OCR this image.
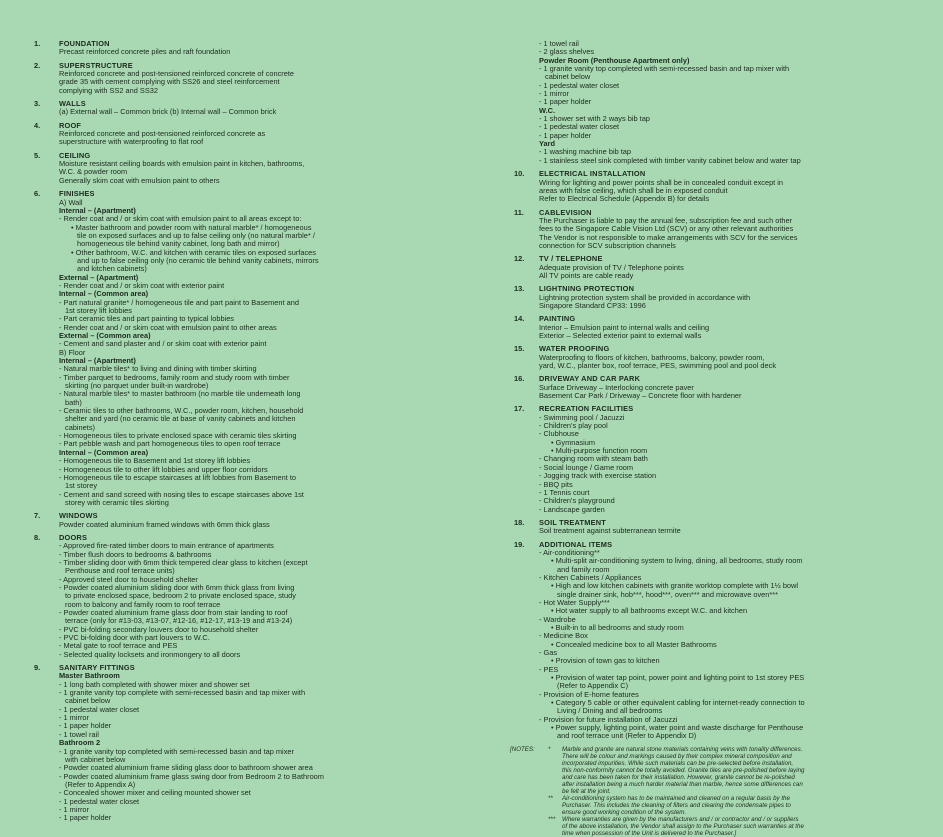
1.	FOUNDATION
Precast reinforced concrete piles and raft foundation
2.	SUPERSTRUCTURE
Reinforced concrete and post-tensioned reinforced concrete of concrete
grade 35 with cement complying with SS26 and steel reinforcement
complying with SS2 and SS32
3.	WALLS
(a) External wall – Common brick (b) Internal wall – Common brick
4.	ROOF
Reinforced concrete and post-tensioned reinforced concrete as
superstructure with waterproofing to flat roof
5.	CEILING
Moisture resistant ceiling boards with emulsion paint in kitchen, bathrooms,
W.C. & powder room
Generally skim coat with emulsion paint to others
6.	FINISHES
A) Wall
Internal – (Apartment)
- Render coat and / or skim coat with emulsion paint to all areas except to:
• Master bathroom and powder room with natural marble* / homogeneous
tile on exposed surfaces and up to false ceiling only (no natural marble* /
homogeneous tile behind vanity cabinet, long bath and mirror)
• Other bathroom, W.C. and kitchen with ceramic tiles on exposed surfaces
and up to false ceiling only (no ceramic tile behind vanity cabinets, mirrors
and kitchen cabinets)
External – (Apartment)
- Render coat and / or skim coat with exterior paint
Internal – (Common area)
- Part natural granite* / homogeneous tile and part paint to Basement and
1st storey lift lobbies
- Part ceramic tiles and part painting to typical lobbies
- Render coat and / or skim coat with emulsion paint to other areas
External – (Common area)
- Cement and sand plaster and / or skim coat with exterior paint
B) Floor
Internal – (Apartment)
- Natural marble tiles* to living and dining with timber skirting
- Timber parquet to bedrooms, family room and study room with timber
skirting (no parquet under built-in wardrobe)
- Natural marble tiles* to master bathroom (no marble tile underneath long
bath)
- Ceramic tiles to other bathrooms, W.C., powder room, kitchen, household
shelter and yard (no ceramic tile at base of vanity cabinets and kitchen
cabinets)
- Homogeneous tiles to private enclosed space with ceramic tiles skirting
- Part pebble wash and part homogeneous tiles to open roof terrace
Internal – (Common area)
- Homogeneous tile to Basement and 1st storey lift lobbies
- Homogeneous tile to other lift lobbies and upper floor corridors
- Homogeneous tile to escape staircases at lift lobbies from Basement to
1st storey
- Cement and sand screed with nosing tiles to escape staircases above 1st
storey with ceramic tiles skirting
7.	WINDOWS
Powder coated aluminium framed windows with 6mm thick glass
8.	DOORS
- Approved fire-rated timber doors to main entrance of apartments
- Timber flush doors to bedrooms & bathrooms
- Timber sliding door with 6mm thick tempered clear glass to kitchen (except
Penthouse and roof terrace units)
- Approved steel door to household shelter
- Powder coated aluminium sliding door with 6mm thick glass from living
to private enclosed space, bedroom 2 to private enclosed space, study
room to balcony and family room to roof terrace
- Powder coated aluminium frame glass door from stair landing to roof
terrace (only for #13-03, #13-07, #12-16, #12-17, #13-19 and #13-24)
- PVC bi-folding secondary louvers door to household shelter
- PVC bi-folding door with part louvers to W.C.
- Metal gate to roof terrace and PES
- Selected quality locksets and ironmongery to all doors
9.	SANITARY FITTINGS
Master Bathroom
- 1 long bath completed with shower mixer and shower set
- 1 granite vanity top complete with semi-recessed basin and tap mixer with
cabinet below
- 1 pedestal water closet
- 1 mirror
- 1 paper holder
- 1 towel rail
Bathroom 2
- 1 granite vanity top completed with semi-recessed basin and tap mixer
with cabinet below
- Powder coated aluminium frame sliding glass door to bathroom shower area
- Powder coated aluminium frame glass swing door from Bedroom 2 to Bathroom
(Refer to Appendix A)
- Concealed shower mixer and ceiling mounted shower set
- 1 pedestal water closet
- 1 mirror
- 1 paper holder
- 1 towel rail
- 2 glass shelves
Powder Room (Penthouse Apartment only)
- 1 granite vanity top completed with semi-recessed basin and tap mixer with
cabinet below
- 1 pedestal water closet
- 1 mirror
- 1 paper holder
W.C.
- 1 shower set with 2 ways bib tap
- 1 pedestal water closet
- 1 paper holder
Yard
- 1 washing machine bib tap
- 1 stainless steel sink completed with timber vanity cabinet below and water tap
10. ELECTRICAL INSTALLATION
Wiring for lighting and power points shall be in concealed conduit except in
areas with false ceiling, which shall be in exposed conduit
Refer to Electrical Schedule (Appendix B) for details
11. CABLEVISION
The Purchaser is liable to pay the annual fee, subscription fee and such other
fees to the Singapore Cable Vision Ltd (SCV) or any other relevant authorities
The Vendor is not responsible to make arrangements with SCV for the services
connection for SCV subscription channels
12. TV / TELEPHONE
Adequate provision of TV / Telephone points
All TV points are cable ready
13. LIGHTNING PROTECTION
Lightning protection system shall be provided in accordance with
Singapore Standard CP33: 1996
14. PAINTING
Interior – Emulsion paint to internal walls and ceiling
Exterior – Selected exterior paint to external walls
15. WATER PROOFING
Waterproofing to floors of kitchen, bathrooms, balcony, powder room,
yard, W.C., planter box, roof terrace, PES, swimming pool and pool deck
16. DRIVEWAY AND CAR PARK
Surface Driveway – Interlocking concrete paver
Basement Car Park / Driveway – Concrete floor with hardener
17. RECREATION FACILITIES
- Swimming pool / Jacuzzi
- Children's play pool
- Clubhouse
• Gymnasium
• Multi-purpose function room
- Changing room with steam bath
- Social lounge / Game room
- Jogging track with exercise station
- BBQ pits
- 1 Tennis court
- Children's playground
- Landscape garden
18. SOIL TREATMENT
Soil treatment against subterranean termite
19. ADDITIONAL ITEMS
- Air-conditioning**
• Multi-split air-conditioning system to living, dining, all bedrooms, study room
and family room
- Kitchen Cabinets / Appliances
• High and low kitchen cabinets with granite worktop complete with 1½ bowl
single drainer sink, hob***, hood***, oven*** and microwave oven***
- Hot Water Supply***
• Hot water supply to all bathrooms except W.C. and kitchen
- Wardrobe
• Built-in to all bedrooms and study room
- Medicine Box
• Concealed medicine box to all Master Bathrooms
- Gas
• Provision of town gas to kitchen
- PES
• Provision of water tap point, power point and lighting point to 1st storey PES
(Refer to Appendix C)
- Provision of E-home features
• Category 5 cable or other equivalent cabling for internet-ready connection to
Living / Dining and all bedrooms
- Provision for future installation of Jacuzzi
• Power supply, lighting point, water point and waste discharge for Penthouse
and roof terrace unit (Refer to Appendix D)
[NOTES: * Marble and granite are natural stone materials containing veins with tonality differences.
There will be colour and markings caused by their complex mineral composition and
incorporated impurities. While such materials can be pre-selected before installation,
this non-conformity cannot be totally avoided. Granite tiles are pre-polished before laying
and care has been taken for their installation. However, granite cannot be re-polished
after installation being a much harder material than marble, hence some differences can
be felt at the joint.
** Air-conditioning system has to be maintained and cleaned on a regular basis by the
Purchaser. This includes the cleaning of filters and clearing the condensate pipes to
ensure good working condition of the system.
*** Where warranties are given by the manufacturers and / or contractor and / or suppliers
of the above installation, the Vendor shall assign to the Purchaser such warranties at the
time when possession of the Unit is delivered to the Purchaser.]
